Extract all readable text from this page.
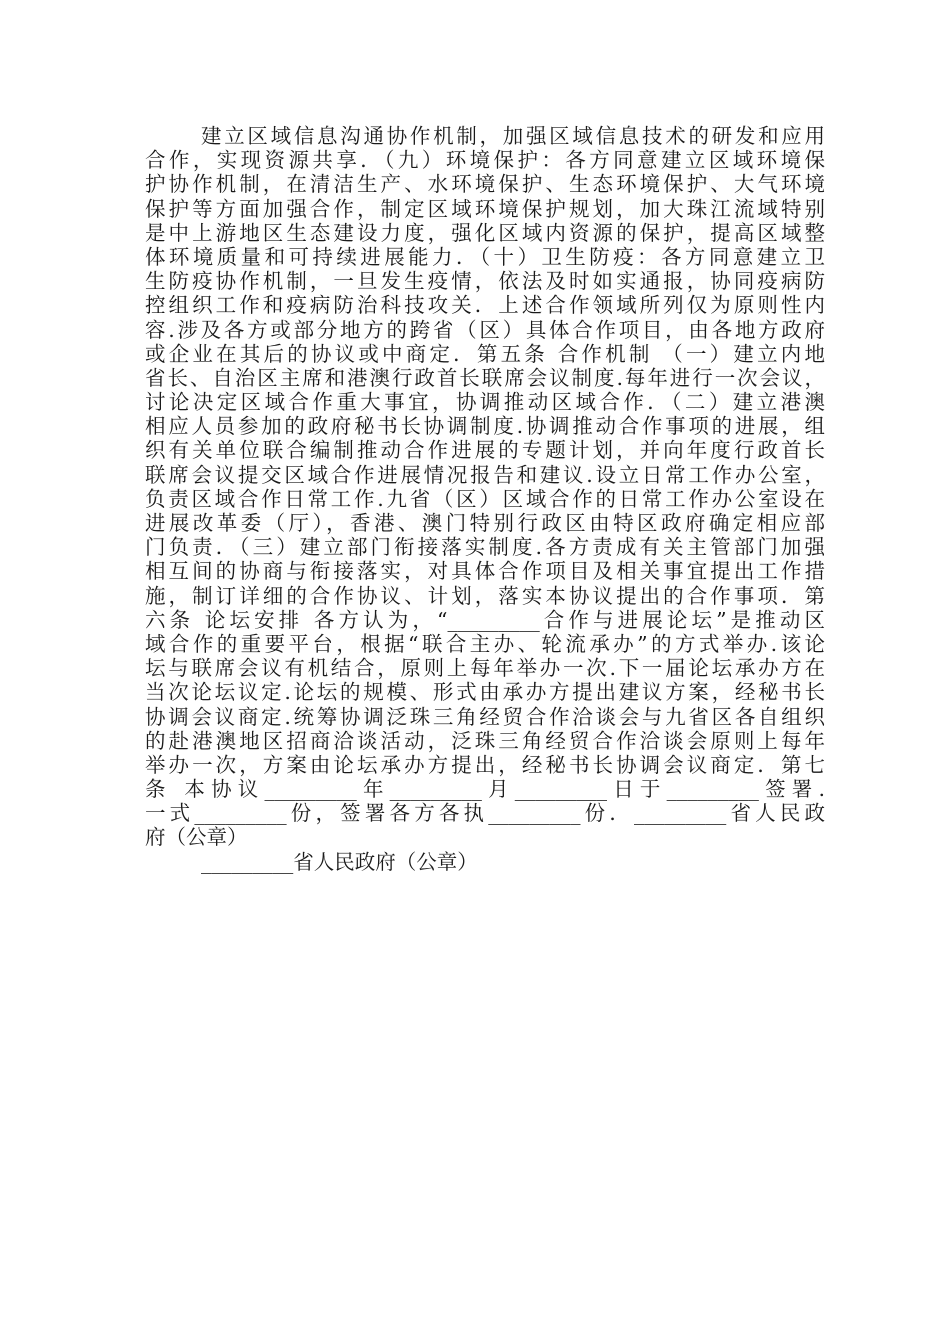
建立区域信息沟通协作机制，加强区域信息技术的研发和应用
合作，实现资源共享．（九）环境保护：各方同意建立区域环境保
护协作机制，在清洁生产、水环境保护、生态环境保护、大气环境
保护等方面加强合作，制定区域环境保护规划，加大珠江流域特别
是中上游地区生态建设力度，强化区域内资源的保护，提高区域整
体环境质量和可持续进展能力．（十）卫生防疫：各方同意建立卫
生防疫协作机制，一旦发生疫情，依法及时如实通报，协同疫病防
控组织工作和疫病防治科技攻关．上述合作领域所列仅为原则性内
容.涉及各方或部分地方的跨省（区）具体合作项目，由各地方政府
或企业在其后的协议或中商定．第五条 合作机制 （一）建立内地
省长、自治区主席和港澳行政首长联席会议制度.每年进行一次会议，
讨论决定区域合作重大事宜，协调推动区域合作．（二）建立港澳
相应人员参加的政府秘书长协调制度.协调推动合作事项的进展，组
织有关单位联合编制推动合作进展的专题计划，并向年度行政首长
联席会议提交区域合作进展情况报告和建议.设立日常工作办公室，
负责区域合作日常工作.九省（区）区域合作的日常工作办公室设在
进展改革委（厅），香港、澳门特别行政区由特区政府确定相应部
门负责．（三）建立部门衔接落实制度.各方责成有关主管部门加强
相互间的协商与衔接落实，对具体合作项目及相关事宜提出工作措
施，制订详细的合作协议、计划，落实本协议提出的合作事项．第
六条 论坛安排 各方认为，“_________合作与进展论坛”是推动区
域合作的重要平台，根据“联合主办、轮流承办”的方式举办.该论
坛与联席会议有机结合，原则上每年举办一次.下一届论坛承办方在
当次论坛议定.论坛的规模、形式由承办方提出建议方案，经秘书长
协调会议商定.统筹协调泛珠三角经贸合作洽谈会与九省区各自组织
的赴港澳地区招商洽谈活动，泛珠三角经贸合作洽谈会原则上每年
举办一次，方案由论坛承办方提出，经秘书长协调会议商定．第七
条 本协议_________年_________月_________日于_________签署.
一式_________份，签署各方各执_________份．_________省人民政
府（公章）
_________省人民政府（公章）
